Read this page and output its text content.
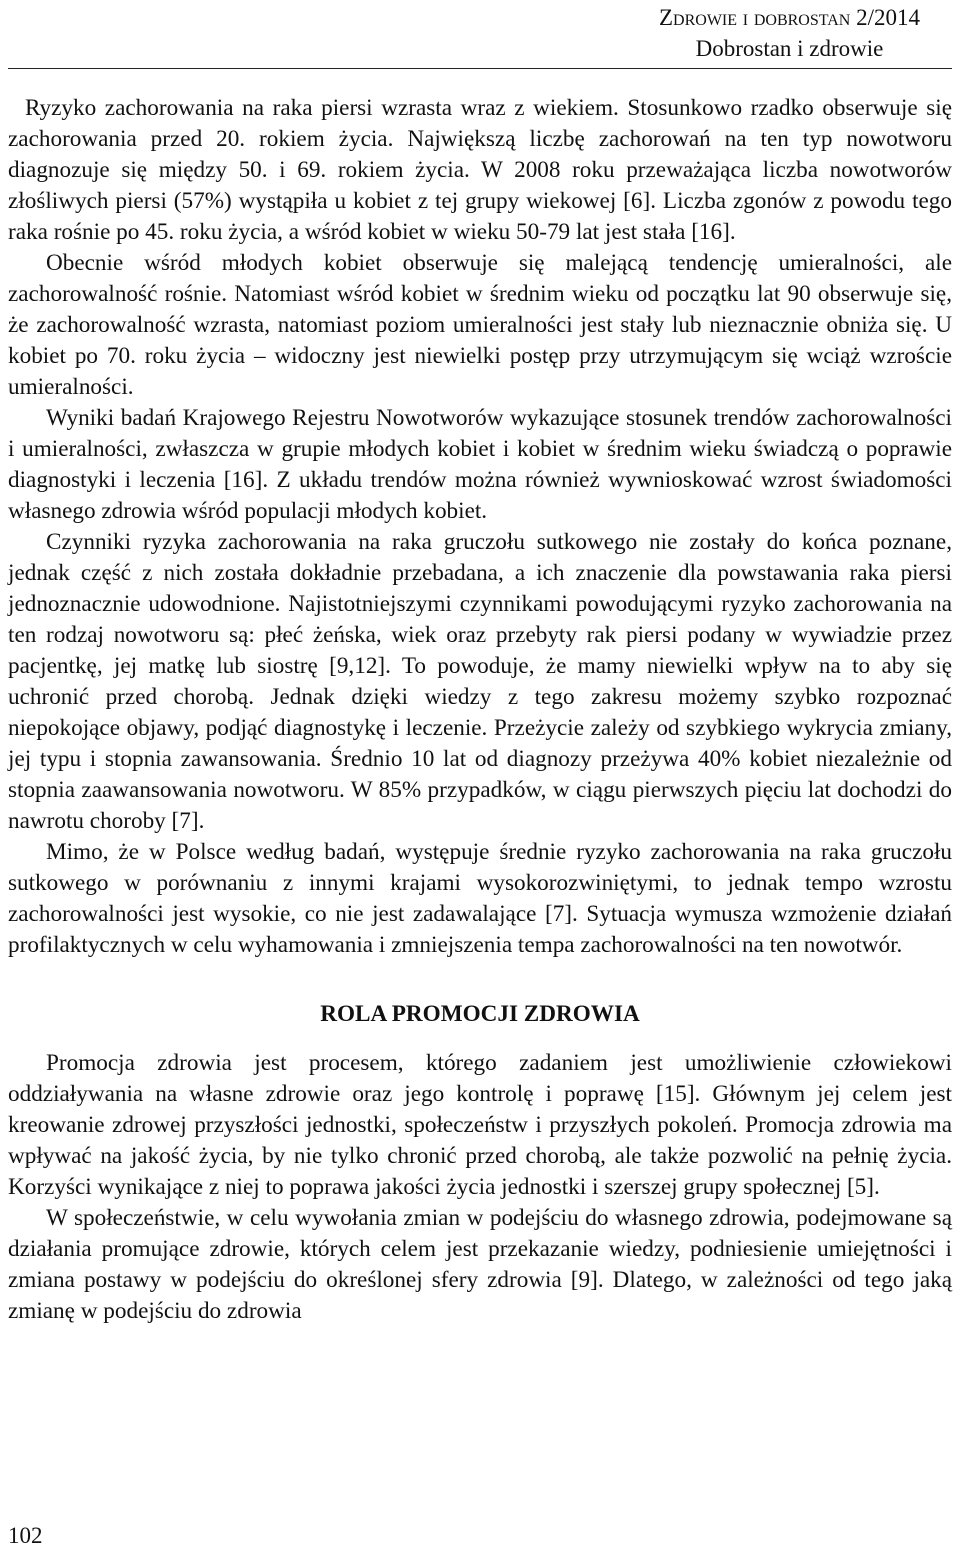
Zdrowie i dobrostan 2/2014
Dobrostan i zdrowie

Ryzyko zachorowania na raka piersi wzrasta wraz z wiekiem. Stosunkowo rzadko obserwuje się zachorowania przed 20. rokiem życia. Największą liczbę zachorowań na ten typ nowotworu diagnozuje się między 50. i 69. rokiem życia. W 2008 roku przeważająca liczba nowotworów złośliwych piersi (57%) wystąpiła u kobiet z tej grupy wiekowej [6]. Liczba zgonów z powodu tego raka rośnie po 45. roku życia, a wśród kobiet w wieku 50-79 lat jest stała [16].

Obecnie wśród młodych kobiet obserwuje się malejącą tendencję umieralności, ale zachorowalność rośnie. Natomiast wśród kobiet w średnim wieku od początku lat 90 obserwuje się, że zachorowalność wzrasta, natomiast poziom umieralności jest stały lub nieznacznie obniża się. U kobiet po 70. roku życia – widoczny jest niewielki postęp przy utrzymującym się wciąż wzroście umieralności.

Wyniki badań Krajowego Rejestru Nowotworów wykazujące stosunek trendów zachorowalności i umieralności, zwłaszcza w grupie młodych kobiet i kobiet w średnim wieku świadczą o poprawie diagnostyki i leczenia [16]. Z układu trendów można również wywnioskować wzrost świadomości własnego zdrowia wśród populacji młodych kobiet.

Czynniki ryzyka zachorowania na raka gruczołu sutkowego nie zostały do końca poznane, jednak część z nich została dokładnie przebadana, a ich znaczenie dla powstawania raka piersi jednoznacznie udowodnione. Najistotniejszymi czynnikami powodującymi ryzyko zachorowania na ten rodzaj nowotworu są: płeć żeńska, wiek oraz przebyty rak piersi podany w wywiadzie przez pacjentkę, jej matkę lub siostrę [9,12]. To powoduje, że mamy niewielki wpływ na to aby się uchronić przed chorobą. Jednak dzięki wiedzy z tego zakresu możemy szybko rozpoznać niepokojące objawy, podjąć diagnostykę i leczenie. Przeżycie zależy od szybkiego wykrycia zmiany, jej typu i stopnia zawansowania. Średnio 10 lat od diagnozy przeżywa 40% kobiet niezależnie od stopnia zaawansowania nowotworu. W 85% przypadków, w ciągu pierwszych pięciu lat dochodzi do nawrotu choroby [7].

Mimo, że w Polsce według badań, występuje średnie ryzyko zachorowania na raka gruczołu sutkowego w porównaniu z innymi krajami wysokorozwiniętymi, to jednak tempo wzrostu zachorowalności jest wysokie, co nie jest zadawalające [7]. Sytuacja wymusza wzmożenie działań profilaktycznych w celu wyhamowania i zmniejszenia tempa zachorowalności na ten nowotwór.

ROLA PROMOCJI ZDROWIA

Promocja zdrowia jest procesem, którego zadaniem jest umożliwienie człowiekowi oddziaływania na własne zdrowie oraz jego kontrolę i poprawę [15]. Głównym jej celem jest kreowanie zdrowej przyszłości jednostki, społeczeństw i przyszłych pokoleń. Promocja zdrowia ma wpływać na jakość życia, by nie tylko chronić przed chorobą, ale także pozwolić na pełnię życia. Korzyści wynikające z niej to poprawa jakości życia jednostki i szerszej grupy społecznej [5].

W społeczeństwie, w celu wywołania zmian w podejściu do własnego zdrowia, podejmowane są działania promujące zdrowie, których celem jest przekazanie wiedzy, podniesienie umiejętności i zmiana postawy w podejściu do określonej sfery zdrowia [9]. Dlatego, w zależności od tego jaką zmianę w podejściu do zdrowia

102
